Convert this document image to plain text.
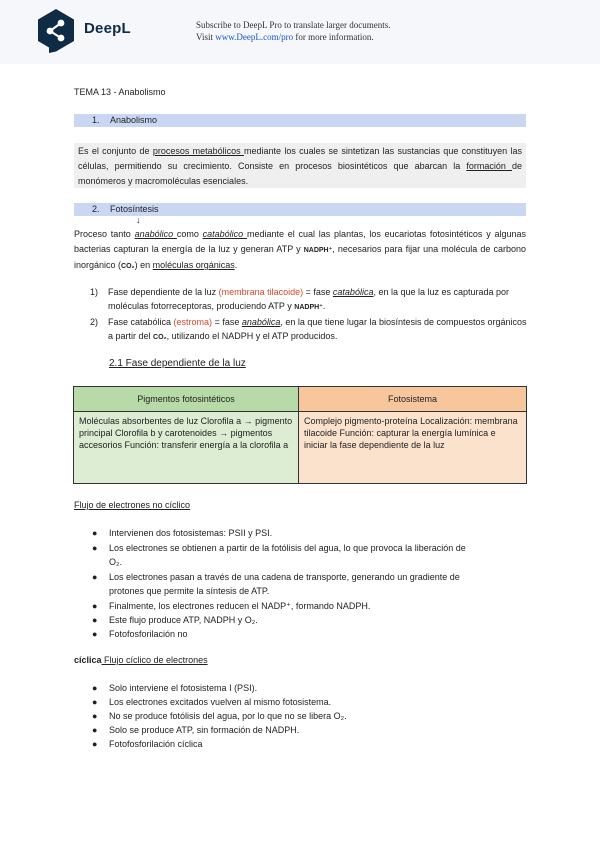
DeepL	Subscribe to DeepL Pro to translate larger documents.
Visit www.DeepL.com/pro for more information.
TEMA 13 - Anabolismo
1. Anabolismo
Es el conjunto de procesos metabólicos mediante los cuales se sintetizan las sustancias que constituyen las células, permitiendo su crecimiento. Consiste en procesos biosintéticos que abarcan la formación de monómeros y macromoléculas esenciales.
2. Fotosíntesis
↓
Proceso tanto anabólico como catabólico mediante el cual las plantas, los eucariotas fotosintéticos y algunas bacterias capturan la energía de la luz y generan ATP y NADPH⁺, necesarios para fijar una molécula de carbono inorgánico (CO₂) en moléculas orgánicas.
1) Fase dependiente de la luz (membrana tilacoide) = fase catabólica, en la que la luz es capturada por moléculas fotorreceptoras, produciendo ATP y NADPH⁺.
2) Fase catabólica (estroma) = fase anabólica, en la que tiene lugar la biosíntesis de compuestos orgánicos a partir del CO₂, utilizando el NADPH y el ATP producidos.
2.1 Fase dependiente de la luz
Pigmentos fotosintéticos	Fotosistema
Moléculas absorbentes de luz Clorofila a → pigmento principal Clorofila b y carotenoides → pigmentos accesorios Función: transferir energía a la clorofila a	Complejo pigmento-proteína Localización: membrana tilacoide Función: capturar la energía lumínica e iniciar la fase dependiente de la luz
Flujo de electrones no cíclico
● Intervienen dos fotosistemas: PSII y PSI.
● Los electrones se obtienen a partir de la fotólisis del agua, lo que provoca la liberación de O₂.
● Los electrones pasan a través de una cadena de transporte, generando un gradiente de protones que permite la síntesis de ATP.
● Finalmente, los electrones reducen el NADP⁺, formando NADPH.
● Este flujo produce ATP, NADPH y O₂.
● Fotofosforilación no
cíclica Flujo cíclico de electrones
● Solo interviene el fotosistema I (PSI).
● Los electrones excitados vuelven al mismo fotosistema.
● No se produce fotólisis del agua, por lo que no se libera O₂.
● Solo se produce ATP, sin formación de NADPH.
● Fotofosforilación cíclica
